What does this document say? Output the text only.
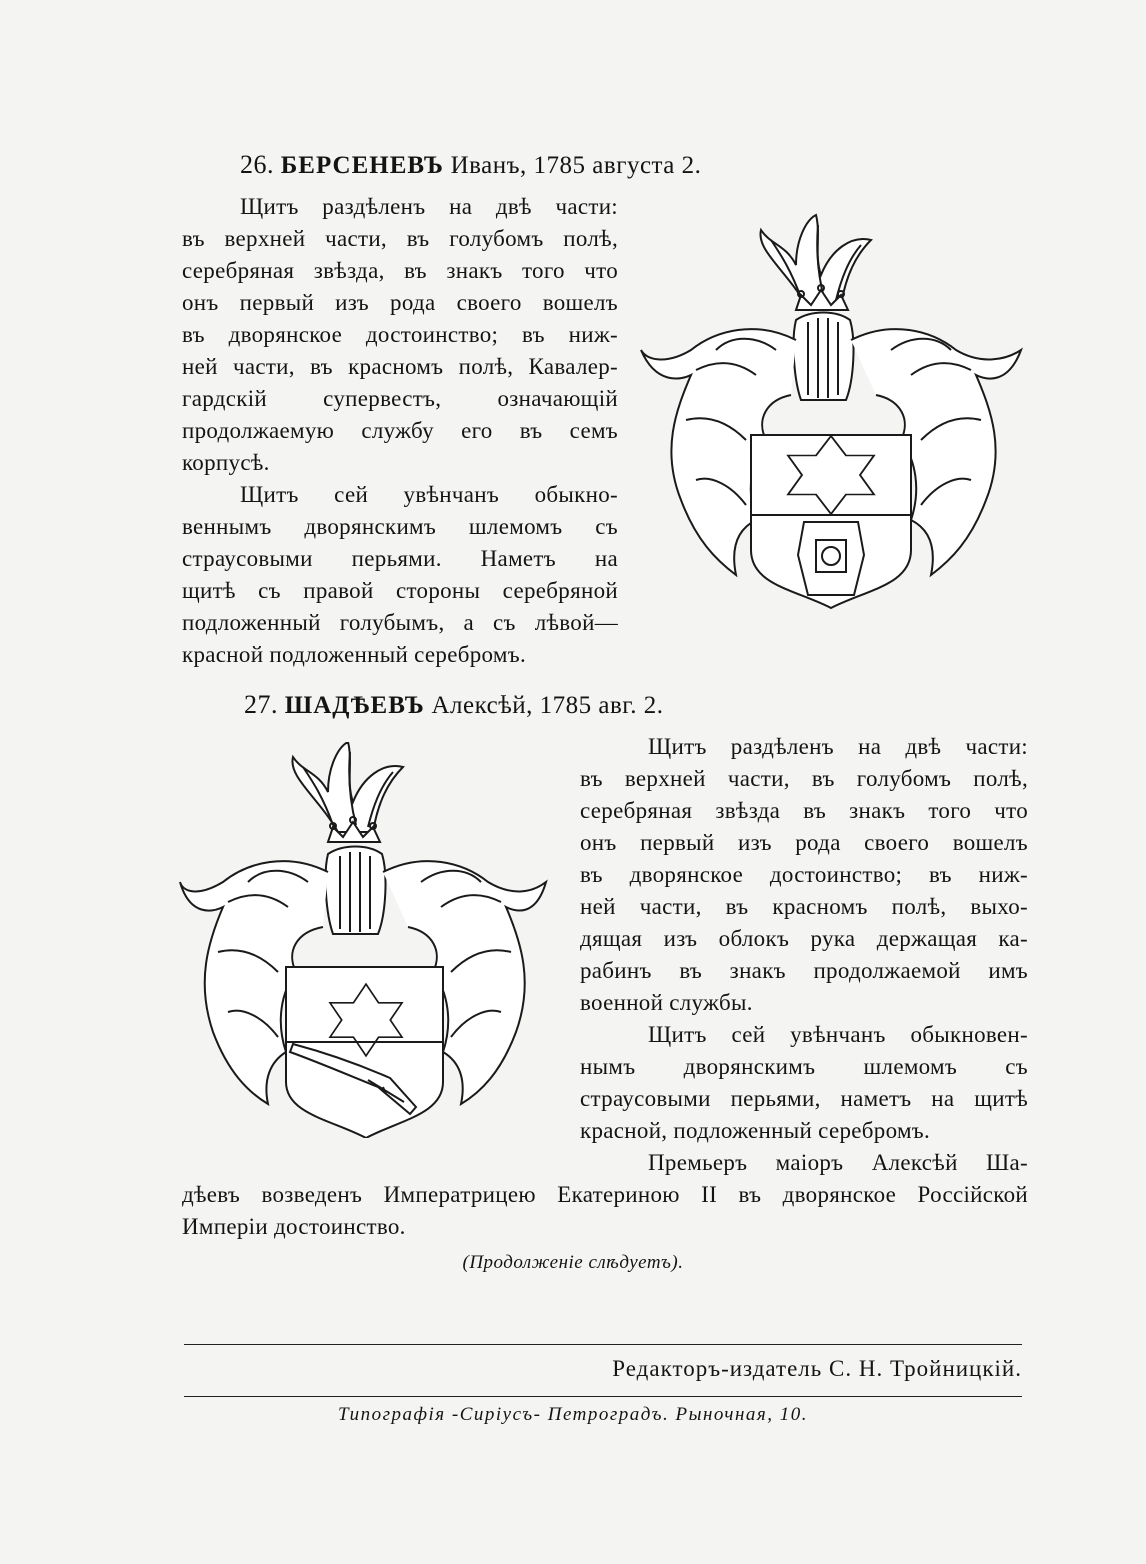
26. БЕРСЕНЕВЪ Иванъ, 1785 августа 2.
Щитъ раздѣленъ на двѣ части:
въ верхней части, въ голубомъ полѣ,
серебряная звѣзда, въ знакъ того что
онъ первый изъ рода своего вошелъ
въ дворянское достоинство; въ ниж-
ней части, въ красномъ полѣ, Кавалер-
гардскій супервестъ, означающій
продолжаемую службу его въ семъ
корпусѣ.
Щитъ сей увѣнчанъ обыкно-
веннымъ дворянскимъ шлемомъ съ
страусовыми перьями. Наметъ на
щитѣ съ правой стороны серебряной
подложенный голубымъ, а съ лѣвой—
красной подложенный серебромъ.
27. ШАДѢЕВЪ Алексѣй, 1785 авг. 2.
Щитъ раздѣленъ на двѣ части:
въ верхней части, въ голубомъ полѣ,
серебряная звѣзда въ знакъ того что
онъ первый изъ рода своего вошелъ
въ дворянское достоинство; въ ниж-
ней части, въ красномъ полѣ, выхо-
дящая изъ облокъ рука держащая ка-
рабинъ въ знакъ продолжаемой имъ
военной службы.
Щитъ сей увѣнчанъ обыкновен-
нымъ дворянскимъ шлемомъ съ
страусовыми перьями, наметъ на щитѣ
красной, подложенный серебромъ.
Премьеръ маіоръ Алексѣй Ша-
дѣевъ возведенъ Императрицею Екатериною II въ дворянское Россійской
Имперіи достоинство.
(Продолженіе слѣдуетъ).
Редакторъ-издатель С. Н. Тройницкій.
Типографія -Сиріусъ- Петроградъ. Рыночная, 10.
